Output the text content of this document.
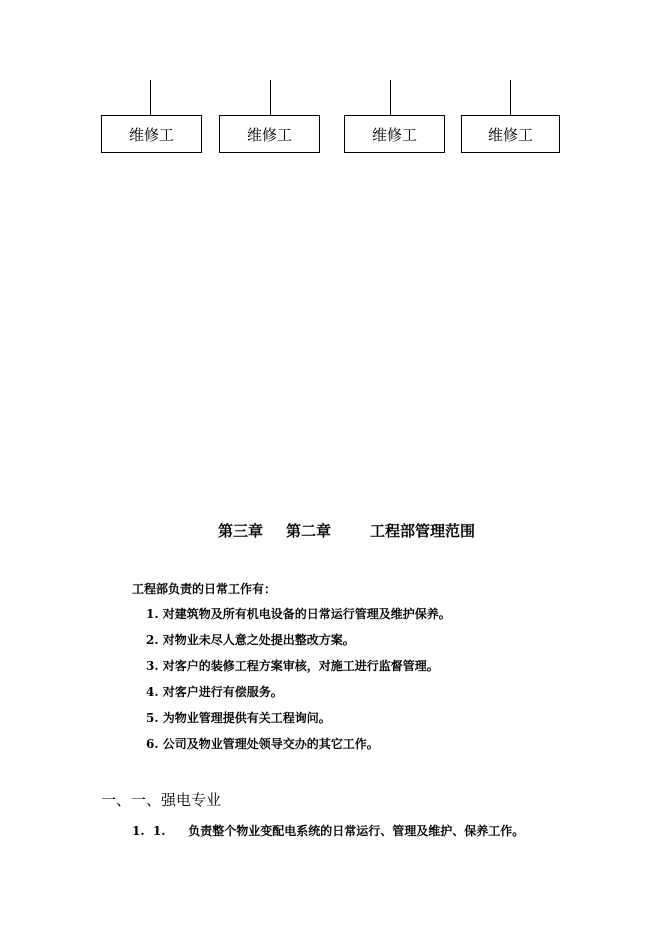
维修工	维修工	维修工	维修工
第三章 第二章	工程部管理范围
工程部负责的日常工作有：
1. 对建筑物及所有机电设备的日常运行管理及维护保养。
2. 对物业未尽人意之处提出整改方案。
3. 对客户的装修工程方案审核，对施工进行监督管理。
4. 对客户进行有偿服务。
5. 为物业管理提供有关工程询问。
6. 公司及物业管理处领导交办的其它工作。
一、一、强电专业
1.  1. 负责整个物业变配电系统的日常运行、管理及维护、保养工作。
